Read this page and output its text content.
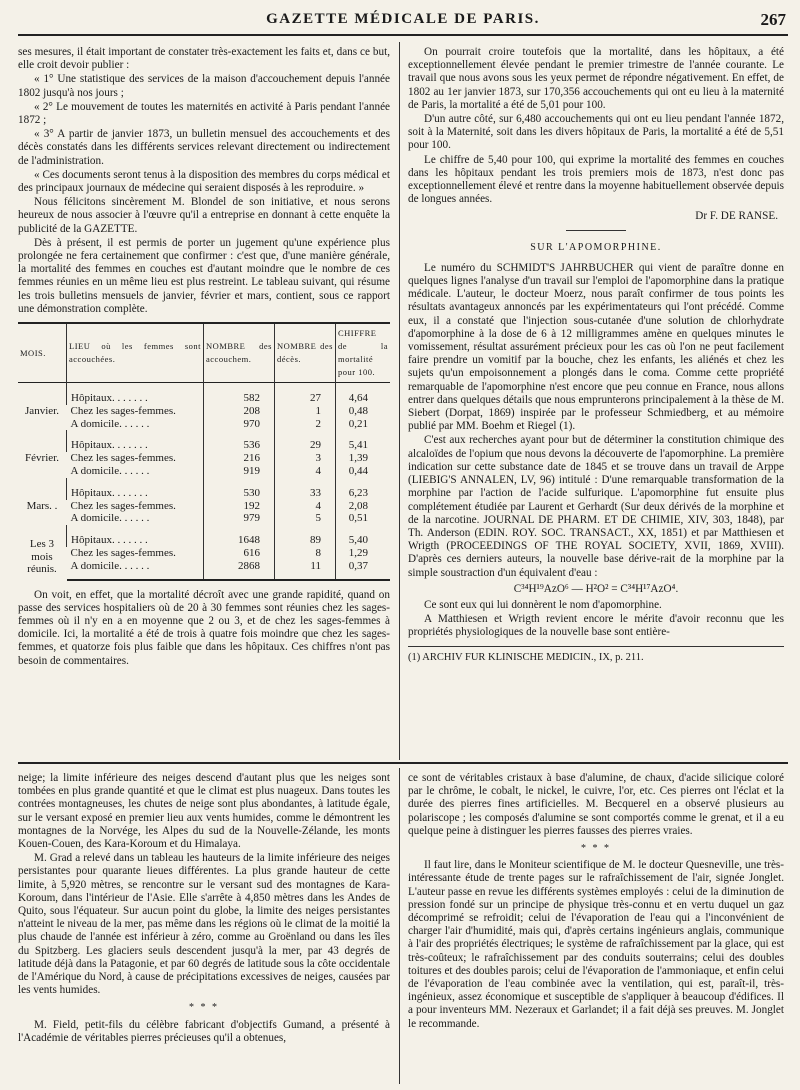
GAZETTE MÉDICALE DE PARIS.	267

ses mesures, il était important de constater très-exactement les faits et, dans ce but, elle croit devoir publier :

« 1° Une statistique des services de la maison d'accouchement depuis l'année 1802 jusqu'à nos jours ;

« 2° Le mouvement de toutes les maternités en activité à Paris pendant l'année 1872 ;

« 3° A partir de janvier 1873, un bulletin mensuel des accouchements et des décès constatés dans les différents services relevant directement ou indirectement de l'administration.

« Ces documents seront tenus à la disposition des membres du corps médical et des principaux journaux de médecine qui seraient disposés à les reproduire. »

Nous félicitons sincèrement M. Blondel de son initiative, et nous serons heureux de nous associer à l'œuvre qu'il a entreprise en donnant à cette enquête la publicité de la GAZETTE.

Dès à présent, il est permis de porter un jugement qu'une expérience plus prolongée ne fera certainement que confirmer : c'est que, d'une manière générale, la mortalité des femmes en couches est d'autant moindre que le nombre de ces femmes réunies en un même lieu est plus restreint. Le tableau suivant, qui résume les trois bulletins mensuels de janvier, février et mars, contient, sous ce rapport une démonstration complète.

MOIS.	LIEU où les femmes sont accouchées.	NOMBRE des accouchem.	NOMBRE des décès.	CHIFFRE de la mortalité pour 100.
Janvier.	Hôpitaux. . . . . . .	582	27	4,64
	Chez les sages-femmes.	208	1	0,48
	A domicile. . . . . .	970	2	0,21
Février.	Hôpitaux. . . . . . .	536	29	5,41
	Chez les sages-femmes.	216	3	1,39
	A domicile. . . . . .	919	4	0,44
Mars. .	Hôpitaux. . . . . . .	530	33	6,23
	Chez les sages-femmes.	192	4	2,08
	A domicile. . . . . .	979	5	0,51
Les 3 mois réunis.	Hôpitaux. . . . . . .	1648	89	5,40
	Chez les sages-femmes.	616	8	1,29
	A domicile. . . . . .	2868	11	0,37

On voit, en effet, que la mortalité décroît avec une grande rapidité, quand on passe des services hospitaliers où de 20 à 30 femmes sont réunies chez les sages-femmes où il n'y en a en moyenne que 2 ou 3, et de chez les sages-femmes à domicile. Ici, la mortalité a été de trois à quatre fois moindre que chez les sages-femmes, et quatorze fois plus faible que dans les hôpitaux. Ces chiffres n'ont pas besoin de commentaires.

On pourrait croire toutefois que la mortalité, dans les hôpitaux, a été exceptionnellement élevée pendant le premier trimestre de l'année courante. Le travail que nous avons sous les yeux permet de répondre négativement. En effet, de 1802 au 1er janvier 1873, sur 170,356 accouchements qui ont eu lieu à la maternité de Paris, la mortalité a été de 5,01 pour 100.

D'un autre côté, sur 6,480 accouchements qui ont eu lieu pendant l'année 1872, soit à la Maternité, soit dans les divers hôpitaux de Paris, la mortalité a été de 5,51 pour 100.

Le chiffre de 5,40 pour 100, qui exprime la mortalité des femmes en couches dans les hôpitaux pendant les trois premiers mois de 1873, n'est donc pas exceptionnellement élevé et rentre dans la moyenne habituellement observée depuis de longues années.

Dr F. DE RANSE.
SUR L'APOMORPHINE.

Le numéro du SCHMIDT'S JAHRBUCHER qui vient de paraître donne en quelques lignes l'analyse d'un travail sur l'emploi de l'apomorphine dans la pratique médicale. L'auteur, le docteur Moerz, nous paraît confirmer de tous points les résultats avantageux annoncés par les expérimentateurs qui l'ont précédé. Comme eux, il a constaté que l'injection sous-cutanée d'une solution de chlorhydrate d'apomorphine à la dose de 6 à 12 milligrammes amène en quelques minutes le vomissement, résultat assurément précieux pour les cas où l'on ne peut facilement faire prendre un vomitif par la bouche, chez les enfants, les aliénés et chez les sujets qu'un empoisonnement a plongés dans le coma. Comme cette propriété remarquable de l'apomorphine n'est encore que peu connue en France, nous allons entrer dans quelques détails que nous emprunterons principalement à la thèse de M. Siebert (Dorpat, 1869) inspirée par le professeur Schmiedberg, et au mémoire publié par MM. Boehm et Riegel (1).

C'est aux recherches ayant pour but de déterminer la constitution chimique des alcaloïdes de l'opium que nous devons la découverte de l'apomorphine. La première indication sur cette substance date de 1845 et se trouve dans un travail de Arppe (LIEBIG'S ANNALEN, LV, 96) intitulé : D'une remarquable transformation de la morphine par l'action de l'acide sulfurique. L'apomorphine fut ensuite plus complétement étudiée par Laurent et Gerhardt (Sur deux dérivés de la morphine et de la narcotine. JOURNAL DE PHARM. ET DE CHIMIE, XIV, 303, 1848), par Th. Anderson (EDIN. ROY. SOC. TRANSACT., XX, 1851) et par Matthiesen et Wrigth (PROCEEDINGS OF THE ROYAL SOCIETY, XVII, 1869, XVIII). D'après ces derniers auteurs, la nouvelle base dérive-rait de la morphine par la simple soustraction d'un équivalent d'eau :

C³⁴H¹⁹AzO⁶ — H²O² = C³⁴H¹⁷AzO⁴.

Ce sont eux qui lui donnèrent le nom d'apomorphine.

A Matthiesen et Wrigth revient encore le mérite d'avoir reconnu que les propriétés physiologiques de la nouvelle base sont entière-

(1) ARCHIV FUR KLINISCHE MEDICIN., IX, p. 211.

neige; la limite inférieure des neiges descend d'autant plus que les neiges sont tombées en plus grande quantité et que le climat est plus nuageux. Dans toutes les contrées montagneuses, les chutes de neige sont plus abondantes, à latitude égale, sur le versant exposé en premier lieu aux vents humides, comme le démontrent les montagnes de la Norvége, les Alpes du sud de la Nouvelle-Zélande, les monts Kouen-Couen, des Kara-Koroum et du Himalaya.

M. Grad a relevé dans un tableau les hauteurs de la limite inférieure des neiges persistantes pour quarante lieues différentes. La plus grande hauteur de cette limite, à 5,920 mètres, se rencontre sur le versant sud des montagnes de Kara-Koroum, dans l'intérieur de l'Asie. Elle s'arrête à 4,850 mètres dans les Andes de Quito, sous l'équateur. Sur aucun point du globe, la limite des neiges persistantes n'atteint le niveau de la mer, pas même dans les régions où le climat de la moitié la plus chaude de l'année est inférieur à zéro, comme au Groënland ou dans les îles du Spitzberg. Les glaciers seuls descendent jusqu'à la mer, par 43 degrés de latitude déjà dans la Patagonie, et par 60 degrés de latitude sous la côte occidentale de l'Amérique du Nord, à cause de précipitations excessives de neiges, causées par les vents humides.

* * *

M. Field, petit-fils du célèbre fabricant d'objectifs Gumand, a présenté à l'Académie de véritables pierres précieuses qu'il a obtenues,

ce sont de véritables cristaux à base d'alumine, de chaux, d'acide silicique coloré par le chrôme, le cobalt, le nickel, le cuivre, l'or, etc. Ces pierres ont l'éclat et la durée des pierres fines artificielles. M. Becquerel en a observé plusieurs au polariscope ; les composés d'alumine se sont comportés comme le grenat, et il a eu quelque peine à distinguer les pierres fausses des pierres vraies.

* * *

Il faut lire, dans le Moniteur scientifique de M. le docteur Quesneville, une très-intéressante étude de trente pages sur le rafraîchissement de l'air, signée Jonglet. L'auteur passe en revue les différents systèmes employés : celui de la diminution de pression fondé sur un principe de physique très-connu et en vertu duquel un gaz décomprimé se refroidit; celui de l'évaporation de l'eau qui a l'inconvénient de charger l'air d'humidité, mais qui, d'après certains ingénieurs anglais, communique à l'air des propriétés électriques; le système de rafraîchissement par la glace, qui est très-coûteux; le rafraîchissement par des conduits souterrains; celui des doubles toitures et des doubles parois; celui de l'évaporation de l'ammoniaque, et enfin celui de l'évaporation de l'eau combinée avec la ventilation, qui est, paraît-il, très-ingénieux, assez économique et susceptible de s'appliquer à beaucoup d'édifices. Il a pour inventeurs MM. Nezeraux et Garlandet; il a fait déjà ses preuves. M. Jonglet le recommande.
